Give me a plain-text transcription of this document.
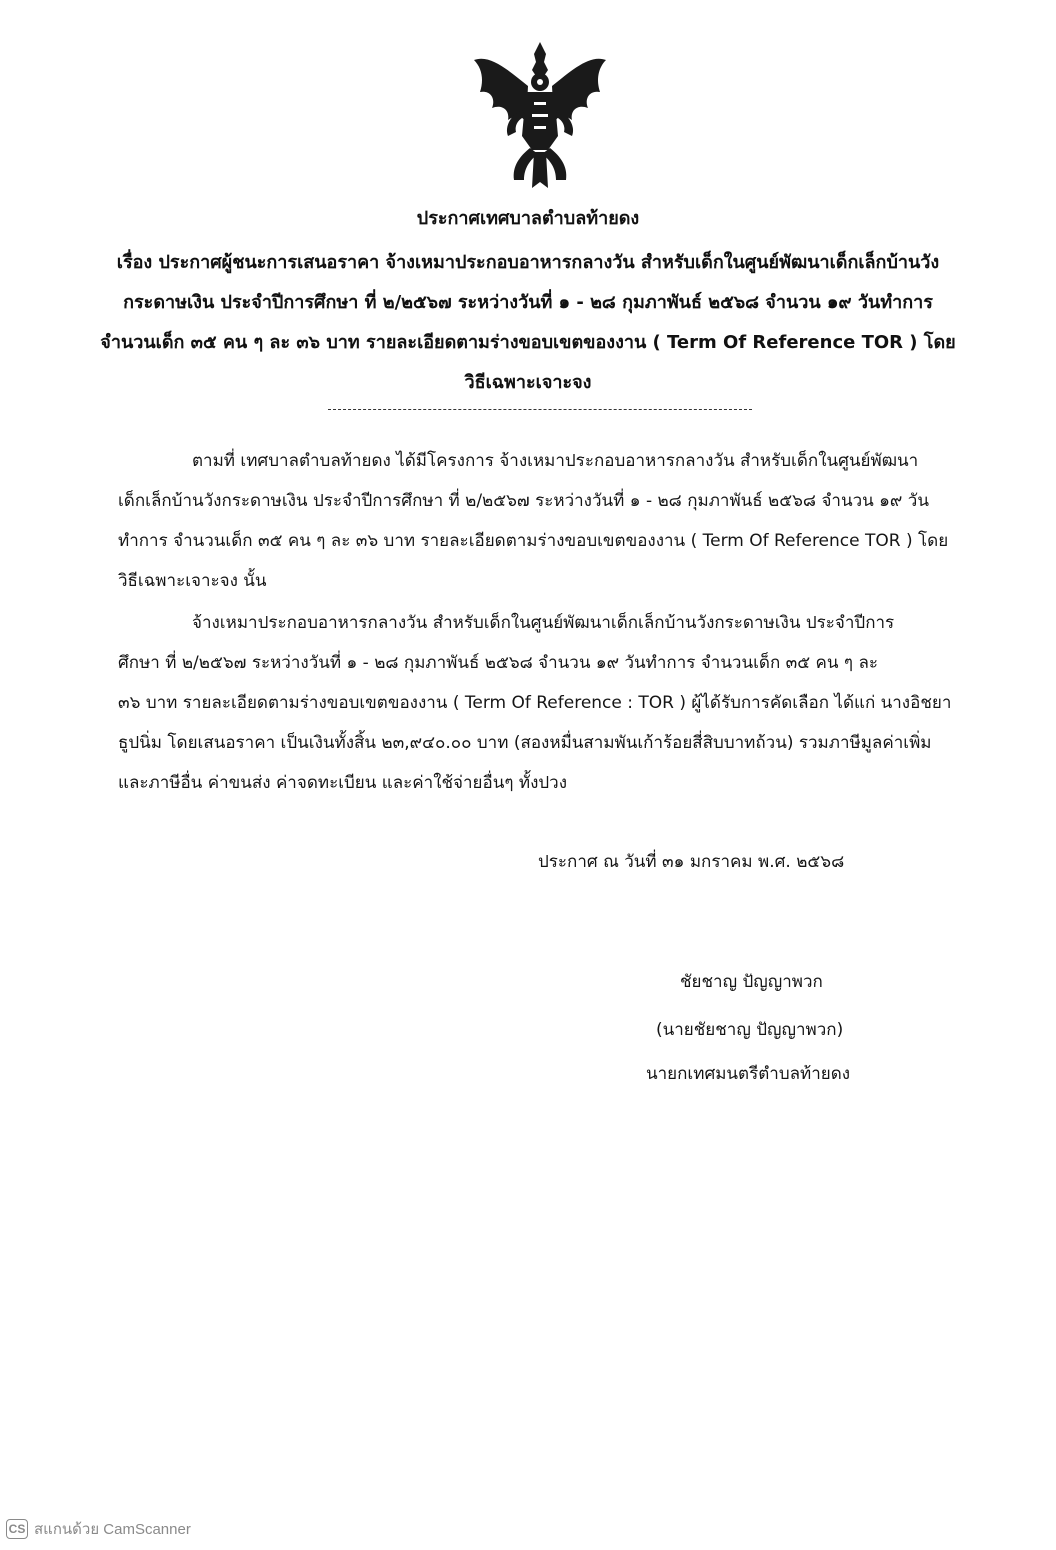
ประกาศเทศบาลตำบลท้ายดง
เรื่อง ประกาศผู้ชนะการเสนอราคา จ้างเหมาประกอบอาหารกลางวัน สำหรับเด็กในศูนย์พัฒนาเด็กเล็กบ้านวัง
กระดาษเงิน ประจำปีการศึกษา ที่ ๒/๒๕๖๗ ระหว่างวันที่ ๑ - ๒๘ กุมภาพันธ์ ๒๕๖๘ จำนวน ๑๙ วันทำการ
จำนวนเด็ก ๓๕ คน ๆ ละ ๓๖ บาท รายละเอียดตามร่างขอบเขตของงาน ( Term Of Reference TOR ) โดย
วิธีเฉพาะเจาะจง
ตามที่ เทศบาลตำบลท้ายดง ได้มีโครงการ จ้างเหมาประกอบอาหารกลางวัน สำหรับเด็กในศูนย์พัฒนา
เด็กเล็กบ้านวังกระดาษเงิน ประจำปีการศึกษา ที่ ๒/๒๕๖๗ ระหว่างวันที่ ๑ - ๒๘ กุมภาพันธ์ ๒๕๖๘ จำนวน ๑๙ วัน
ทำการ จำนวนเด็ก ๓๕ คน ๆ ละ ๓๖ บาท รายละเอียดตามร่างขอบเขตของงาน ( Term Of Reference TOR ) โดย
วิธีเฉพาะเจาะจง นั้น
จ้างเหมาประกอบอาหารกลางวัน สำหรับเด็กในศูนย์พัฒนาเด็กเล็กบ้านวังกระดาษเงิน ประจำปีการ
ศึกษา ที่ ๒/๒๕๖๗ ระหว่างวันที่ ๑ - ๒๘ กุมภาพันธ์ ๒๕๖๘ จำนวน ๑๙ วันทำการ จำนวนเด็ก ๓๕ คน ๆ ละ
๓๖ บาท รายละเอียดตามร่างขอบเขตของงาน ( Term Of Reference : TOR ) ผู้ได้รับการคัดเลือก ได้แก่ นางอิชยา
ธูปนิ่ม โดยเสนอราคา เป็นเงินทั้งสิ้น ๒๓,๙๔๐.๐๐ บาท (สองหมื่นสามพันเก้าร้อยสี่สิบบาทถ้วน) รวมภาษีมูลค่าเพิ่ม
และภาษีอื่น ค่าขนส่ง ค่าจดทะเบียน และค่าใช้จ่ายอื่นๆ ทั้งปวง
ประกาศ ณ วันที่ ๓๑ มกราคม พ.ศ. ๒๕๖๘
ชัยชาญ ปัญญาพวก
(นายชัยชาญ ปัญญาพวก)
นายกเทศมนตรีตำบลท้ายดง
CS สแกนด้วย CamScanner
